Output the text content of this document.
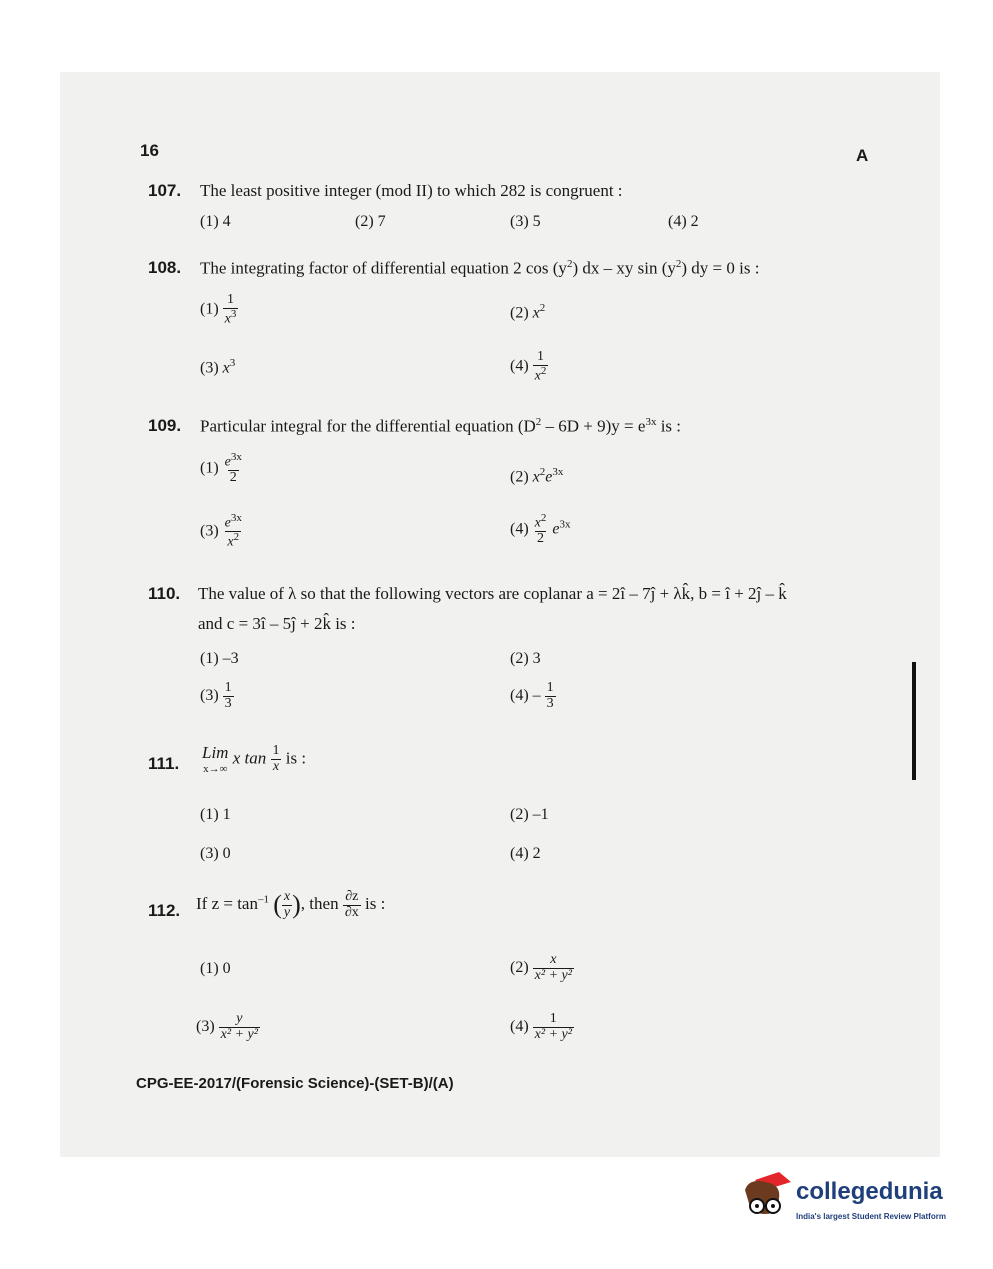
16	A
107. The least positive integer (mod II) to which 282 is congruent :
(1) 4	(2) 7	(3) 5	(4) 2
108. The integrating factor of differential equation 2 $\cos (y^2)$ dx – xy $\sin (y^2)$ dy = 0 is :
$(1) \frac{1}{x^3}$	(2) $x^2$
(3) $x^3$	$(4) \frac{1}{x^2}$
109. Particular integral for the differential equation $(D^2 - 6D + 9)y = e^{3x}$ is :
$(1) \frac{e^{3x}}{2}$	(2) $x^2e^{3x}$
$(3) \frac{e^{3x}}{x^2}$	$(4) \frac{x^2}{2} e^{3x}$
110. The value of λ so that the following vectors are coplanar a = 2î – 7ĵ + λk̂, b = î + 2ĵ – k̂
and c = 3î – 5ĵ + 2k̂ is :
(1) –3	(2) 3
$(3) \frac{1}{3}$	$(4) - \frac{1}{3}$
111.
Lim
x→∞
x $\tan \frac{1}{x}$ is :
(1) 1	(2) –1
(3) 0	(4) 2
112. If $z = \tan^{-1}$ ( $\frac{x}{y}$ ), then $\frac{\partial z}{\partial x}$ is :
(1) 0	$(2) \frac{x}{\text{x² + y²}}$
$(3) \frac{y}{\text{x² + y²}}$	$(4) \frac{1}{\text{x² + y²}}$
CPG-EE-2017/(Forensic Science)-(SET-B)/(A)
collegedunia
India's largest Student Review Platform
